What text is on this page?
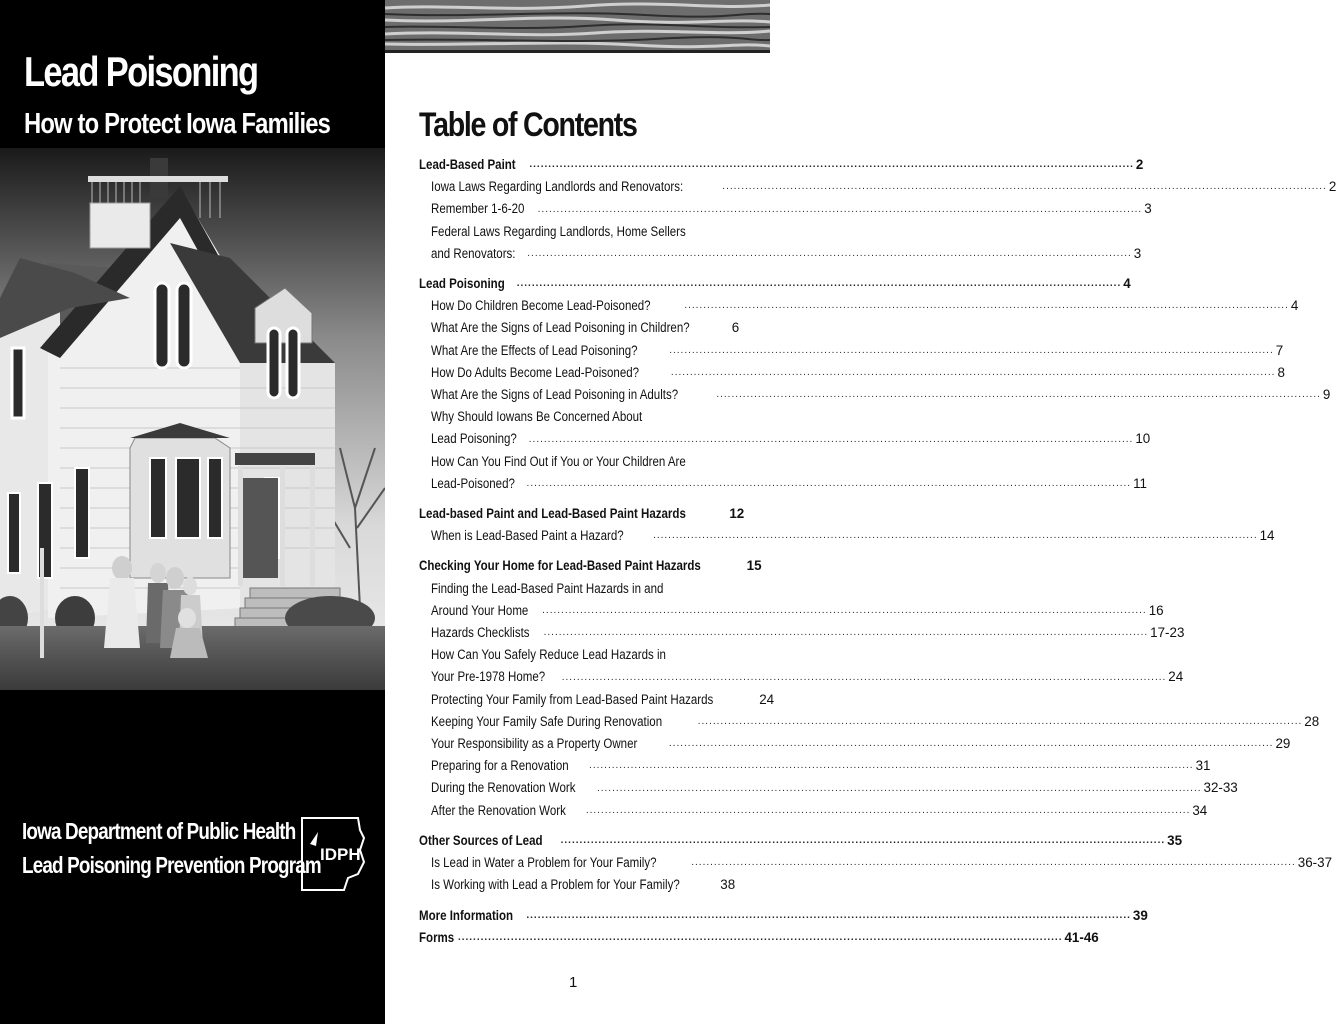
Lead Poisoning
How to Protect Iowa Families
Iowa Department of Public Health
Lead Poisoning Prevention Program IDPH
Table of Contents
Lead-Based Paint .....	2
Iowa Laws Regarding Landlords and Renovators: .....	2
Remember 1-6-20 .....	3
Federal Laws Regarding Landlords, Home Sellers
and Renovators: .....	3
Lead Poisoning .....	4
How Do Children Become Lead-Poisoned? .....	4
What Are the Signs of Lead Poisoning in Children?	6
What Are the Effects of Lead Poisoning? .....	7
How Do Adults Become Lead-Poisoned? .....	8
What Are the Signs of Lead Poisoning in Adults? .....	9
Why Should Iowans Be Concerned About
Lead Poisoning? .....	10
How Can You Find Out if You or Your Children Are
Lead-Poisoned? .....	11
Lead-based Paint and Lead-Based Paint Hazards	12
When is Lead-Based Paint a Hazard? .....	14
Checking Your Home for Lead-Based Paint Hazards	15
Finding the Lead-Based Paint Hazards in and
Around Your Home .....	16
Hazards Checklists .....	17-23
How Can You Safely Reduce Lead Hazards in
Your Pre-1978 Home? .....	24
Protecting Your Family from Lead-Based Paint Hazards	24
Keeping Your Family Safe During Renovation .....	28
Your Responsibility as a Property Owner .....	29
Preparing for a Renovation .....	31
During the Renovation Work .....	32-33
After the Renovation Work .....	34
Other Sources of Lead .....	35
Is Lead in Water a Problem for Your Family? .....	36-37
Is Working with Lead a Problem for Your Family?	38
More Information .....	39
Forms .....	41-46
1
